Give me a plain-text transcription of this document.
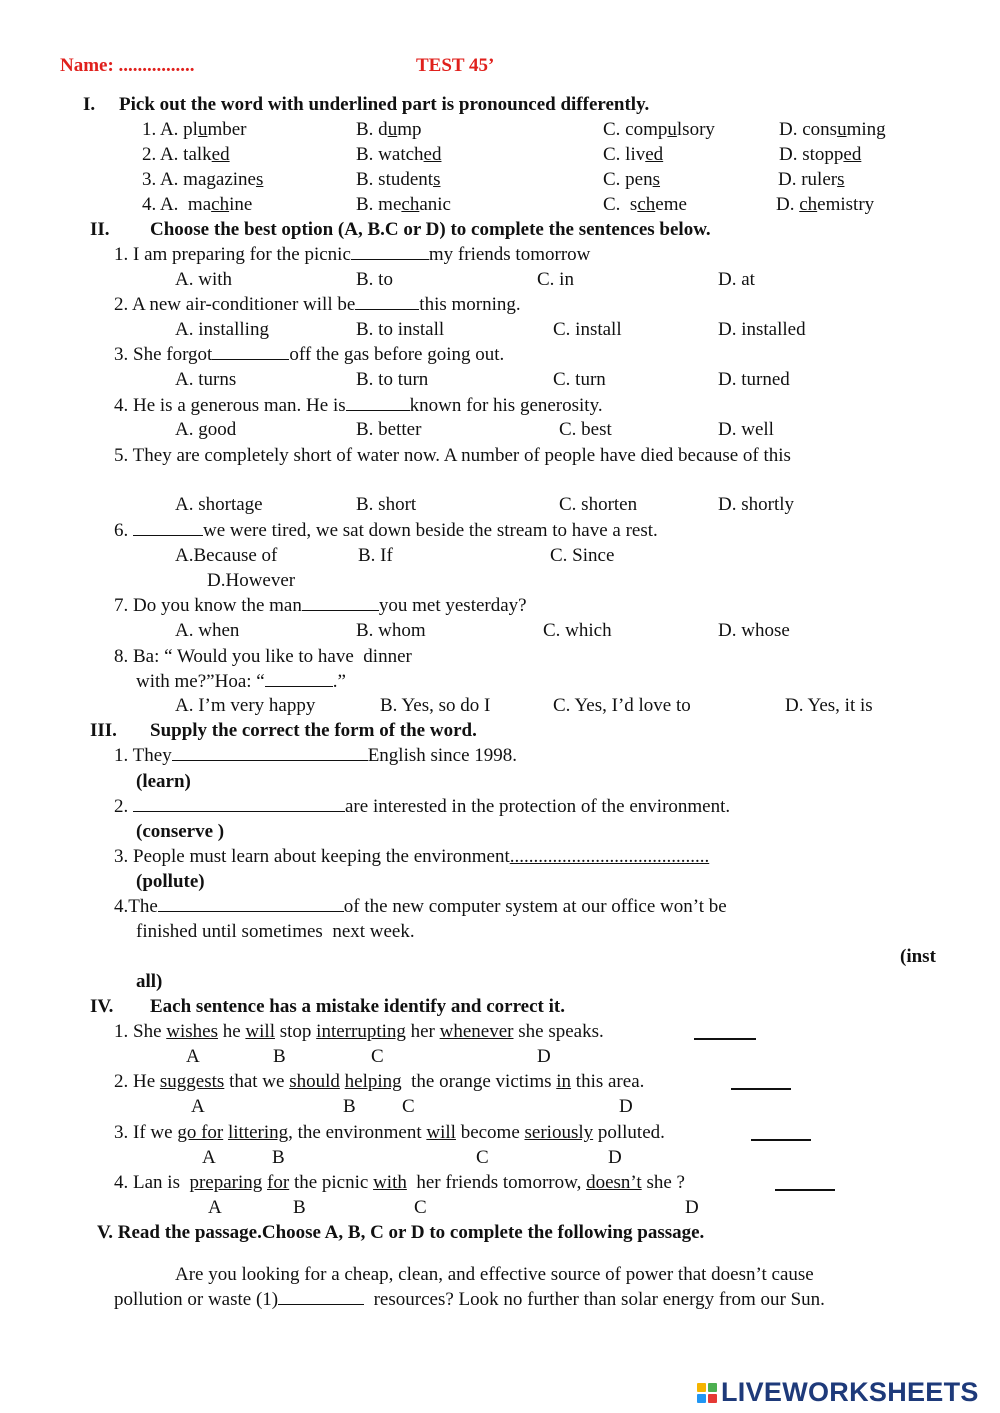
Name: ................	TEST 45’
I. Pick out the word with underlined part is pronounced differently.
1. A. plumber	B. dump	C. compulsory	D. consuming
2. A. talked	B. watched	C. lived	D. stopped
3. A. magazines	B. students	C. pens	D. rulers
4. A.  machine	B. mechanic	C.  scheme	D. chemistry
II. Choose the best option (A, B.C or D) to complete the sentences below.
1. I am preparing for the picnic	my friends tomorrow
A. with	B. to	C. in	D. at
2. A new air-conditioner will be	this morning.
A. installing	B. to install	C. install	D. installed
3. She forgot	off the gas before going out.
A. turns	B. to turn	C. turn	D. turned
4. He is a generous man. He is	known for his generosity.
A. good	B. better	C. best	D. well
5. They are completely short of water now. A number of people have died because of this
A. shortage	B. short	C. shorten	D. shortly
6.	we were tired, we sat down beside the stream to have a rest.
A.Because of	B. If	C. Since
D.However
7. Do you know the man	you met yesterday?
A. when	B. whom	C. which	D. whose
8. Ba: “ Would you like to have  dinner
with me?”Hoa: “	.”
A. I’m very happy	B. Yes, so do I	C. Yes, I’d love to	D. Yes, it is
III. Supply the correct the form of the word.
1. They	English since 1998.
(learn)
2.	are interested in the protection of the environment.
(conserve )
3. People must learn about keeping the environment..........................................
(pollute)
4.The	of the new computer system at our office won’t be
finished until sometimes  next week.
(inst
all)
IV. Each sentence has a mistake identify and correct it.
1. She wishes he will stop interrupting her whenever she speaks.
A	B	C	D
2. He suggests that we should helping  the orange victims in this area.
A	B C	D
3. If we go for littering, the environment will become seriously polluted.
A	B	C	D
4. Lan is  preparing for the picnic with  her friends tomorrow, doesn’t she ?
A	B	C	D
V. Read the passage.Choose A, B, C or D to complete the following passage.
Are you looking for a cheap, clean, and effective source of power that doesn’t cause
pollution or waste (1)	resources? Look no further than solar energy from our Sun.
LIVEWORKSHEETS
